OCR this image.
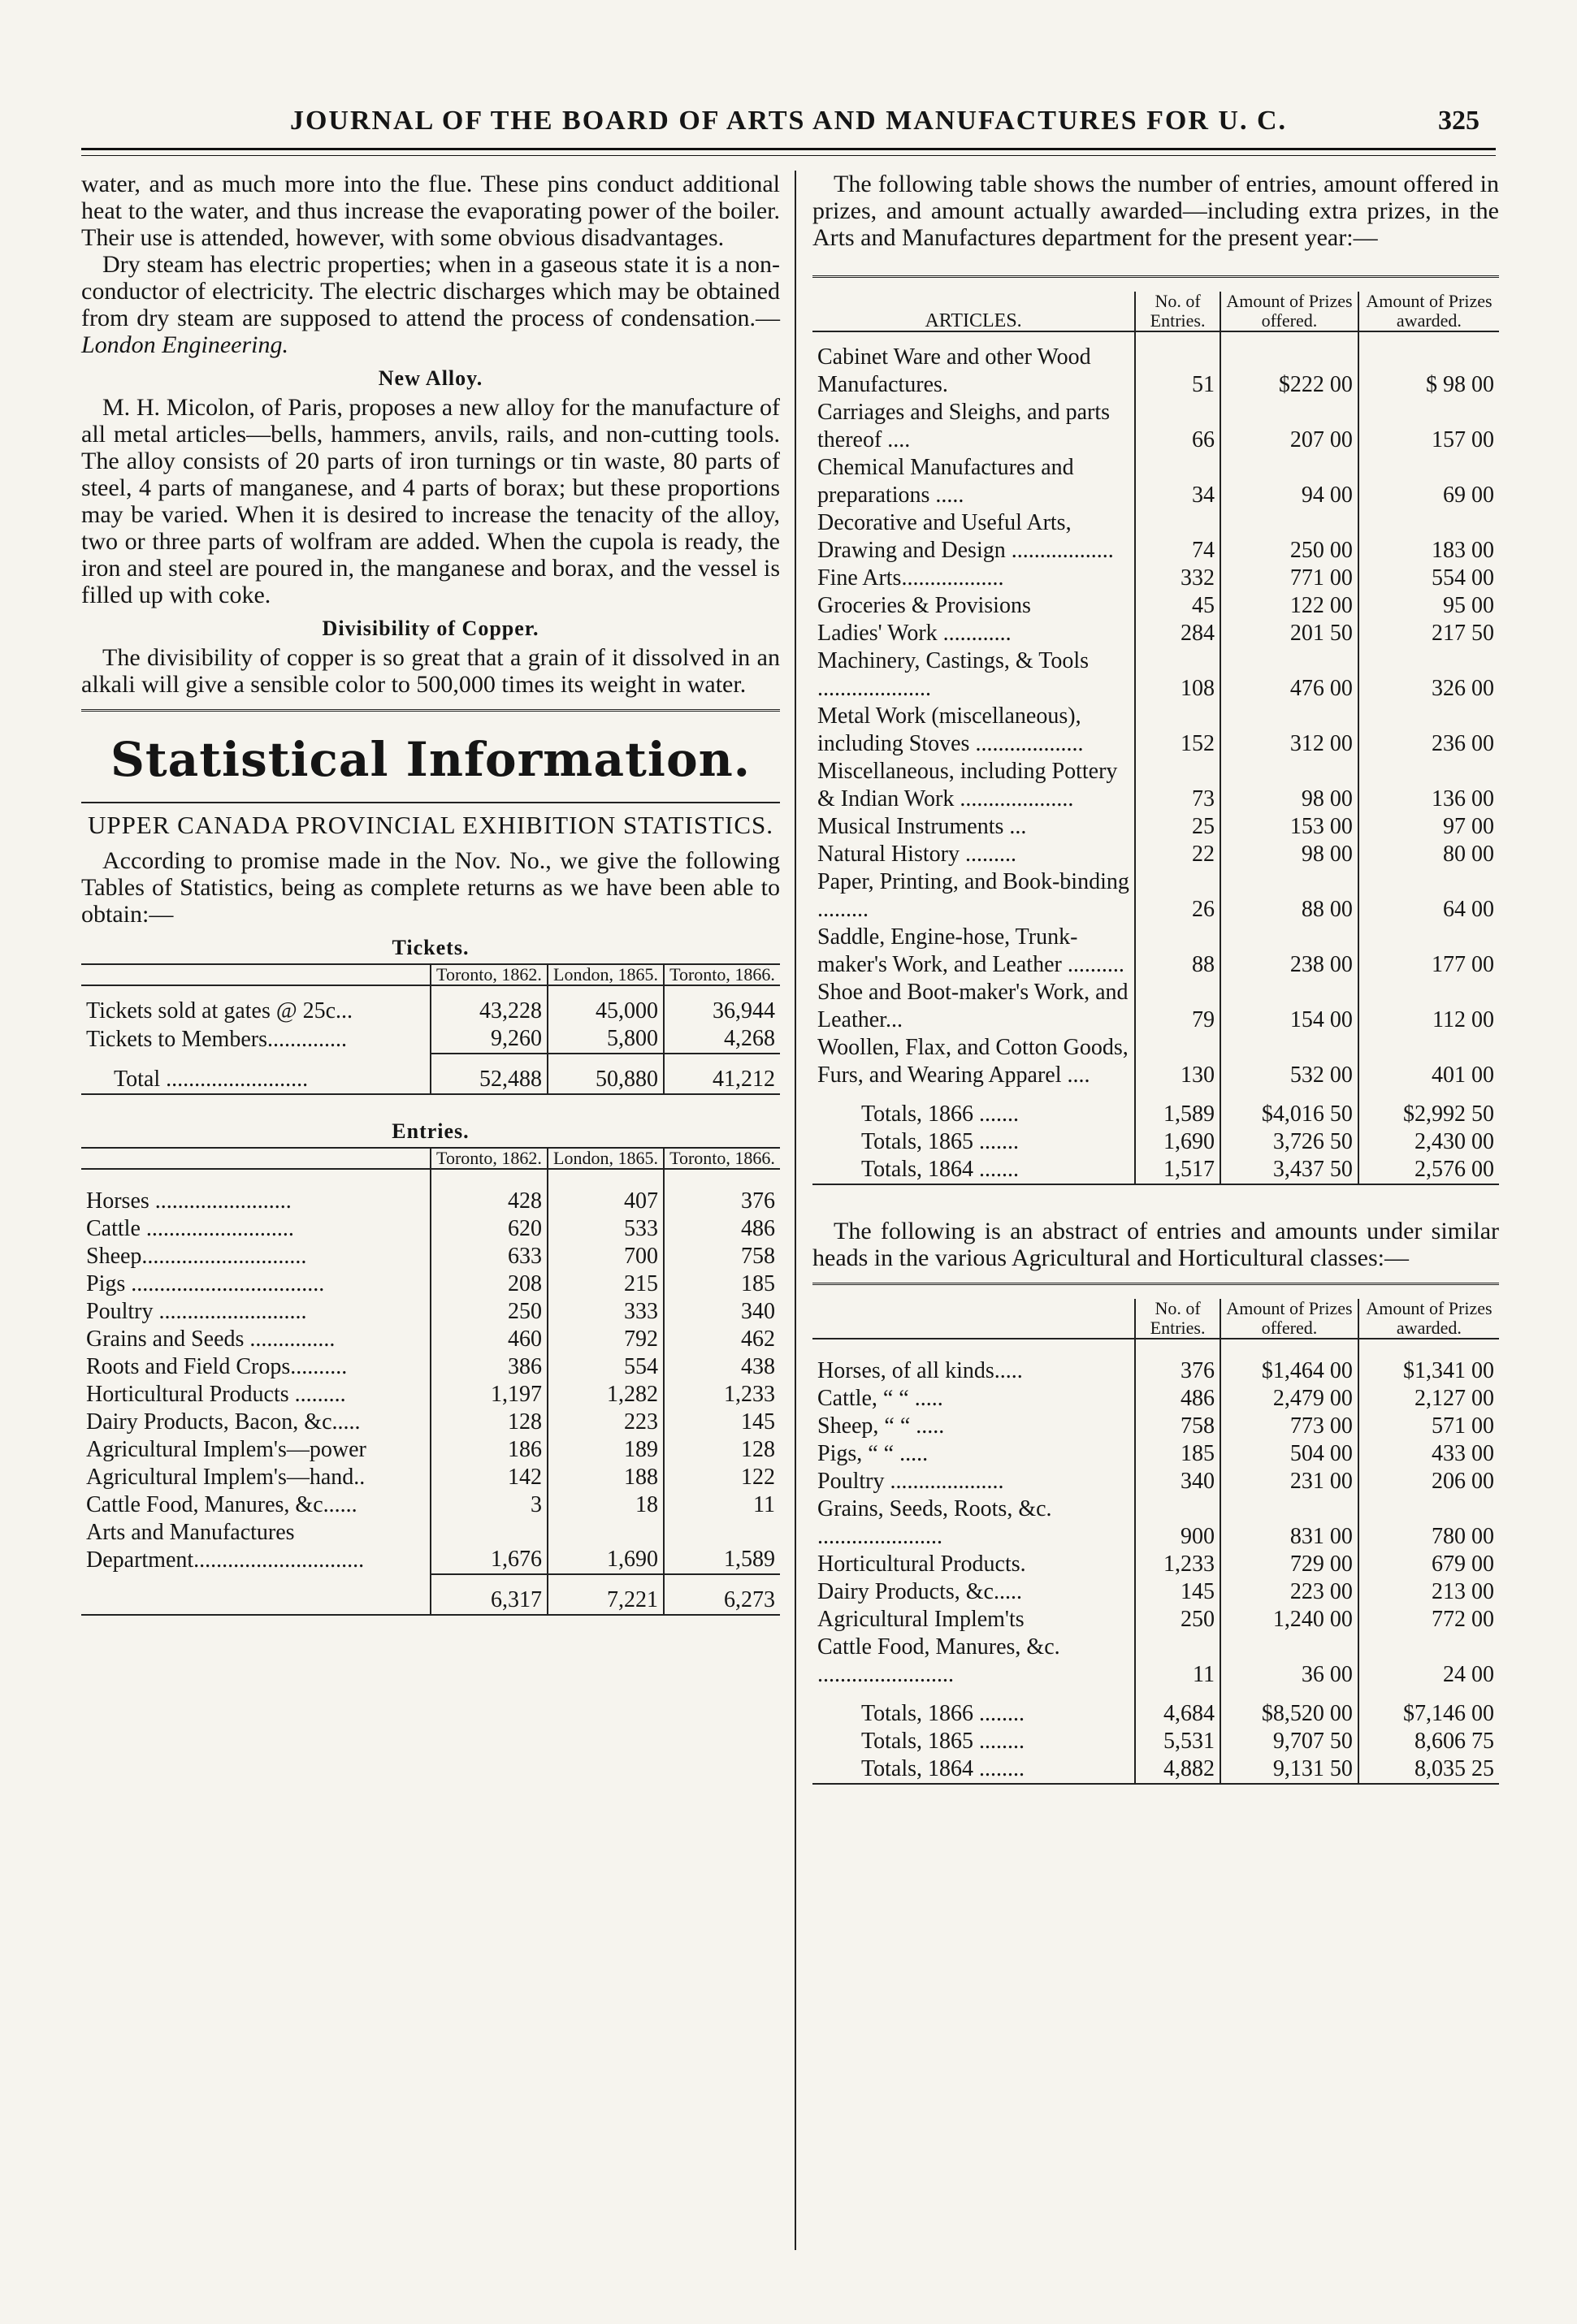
JOURNAL OF THE BOARD OF ARTS AND MANUFACTURES FOR U. C.	325

water, and as much more into the flue. These pins conduct additional heat to the water, and thus increase the evaporating power of the boiler. Their use is attended, however, with some obvious disadvantages.

Dry steam has electric properties; when in a gaseous state it is a non-conductor of electricity. The electric discharges which may be obtained from dry steam are supposed to attend the process of condensation.—London Engineering.

New Alloy.

M. H. Micolon, of Paris, proposes a new alloy for the manufacture of all metal articles—bells, hammers, anvils, rails, and non-cutting tools. The alloy consists of 20 parts of iron turnings or tin waste, 80 parts of steel, 4 parts of manganese, and 4 parts of borax; but these proportions may be varied. When it is desired to increase the tenacity of the alloy, two or three parts of wolfram are added. When the cupola is ready, the iron and steel are poured in, the manganese and borax, and the vessel is filled up with coke.

Divisibility of Copper.

The divisibility of copper is so great that a grain of it dissolved in an alkali will give a sensible color to 500,000 times its weight in water.

Statistical Information.
UPPER CANADA PROVINCIAL EXHIBITION STATISTICS.

According to promise made in the Nov. No., we give the following Tables of Statistics, being as complete returns as we have been able to obtain:—

Tickets.
	Toronto, 1862.	London, 1865.	Toronto, 1866.

Tickets sold at gates @ 25c...	43,228	45,000	36,944
Tickets to Members..............	9,260	5,800	4,268
Total .........................	52,488	50,880	41,212
Entries.
	Toronto, 1862.	London, 1865.	Toronto, 1866.

Horses ........................	428	407	376
Cattle ..........................	620	533	486
Sheep.............................	633	700	758
Pigs ..................................	208	215	185
Poultry ..........................	250	333	340
Grains and Seeds ...............	460	792	462
Roots and Field Crops..........	386	554	438
Horticultural Products .........	1,197	1,282	1,233
Dairy Products, Bacon, &c.....	128	223	145
Agricultural Implem's—power	186	189	128
Agricultural Implem's—hand..	142	188	122
Cattle Food, Manures, &c......	3	18	11
Arts and Manufactures Department..............................	1,676	1,690	1,589
	6,317	7,221	6,273

The following table shows the number of entries, amount offered in prizes, and amount actually awarded—including extra prizes, in the Arts and Manufactures department for the present year:—

ARTICLES.	No. of Entries.	Amount of Prizes offered.	Amount of Prizes awarded.

Cabinet Ware and other Wood Manufactures.	51	$222 00	$ 98 00
Carriages and Sleighs, and parts thereof ....	66	207 00	157 00
Chemical Manufactures and preparations .....	34	94 00	69 00
Decorative and Useful Arts, Drawing and Design ..................	74	250 00	183 00
Fine Arts..................	332	771 00	554 00
Groceries & Provisions	45	122 00	95 00
Ladies' Work ............	284	201 50	217 50
Machinery, Castings, & Tools ....................	108	476 00	326 00
Metal Work (miscellaneous), including Stoves ...................	152	312 00	236 00
Miscellaneous, including Pottery & Indian Work ....................	73	98 00	136 00
Musical Instruments ...	25	153 00	97 00
Natural History .........	22	98 00	80 00
Paper, Printing, and Book-binding .........	26	88 00	64 00
Saddle, Engine-hose, Trunk-maker's Work, and Leather ..........	88	238 00	177 00
Shoe and Boot-maker's Work, and Leather...	79	154 00	112 00
Woollen, Flax, and Cotton Goods, Furs, and Wearing Apparel ....	130	532 00	401 00

Totals, 1866 .......	1,589	$4,016 50	$2,992 50
Totals, 1865 .......	1,690	3,726 50	2,430 00
Totals, 1864 .......	1,517	3,437 50	2,576 00

The following is an abstract of entries and amounts under similar heads in the various Agricultural and Horticultural classes:—

	No. of Entries.	Amount of Prizes offered.	Amount of Prizes awarded.

Horses, of all kinds.....	376	$1,464 00	$1,341 00
Cattle, “ “ .....	486	2,479 00	2,127 00
Sheep, “ “ .....	758	773 00	571 00
Pigs, “ “ .....	185	504 00	433 00
Poultry ....................	340	231 00	206 00
Grains, Seeds, Roots, &c. ......................	900	831 00	780 00
Horticultural Products.	1,233	729 00	679 00
Dairy Products, &c.....	145	223 00	213 00
Agricultural Implem'ts	250	1,240 00	772 00
Cattle Food, Manures, &c. ........................	11	36 00	24 00

Totals, 1866 ........	4,684	$8,520 00	$7,146 00
Totals, 1865 ........	5,531	9,707 50	8,606 75
Totals, 1864 ........	4,882	9,131 50	8,035 25
